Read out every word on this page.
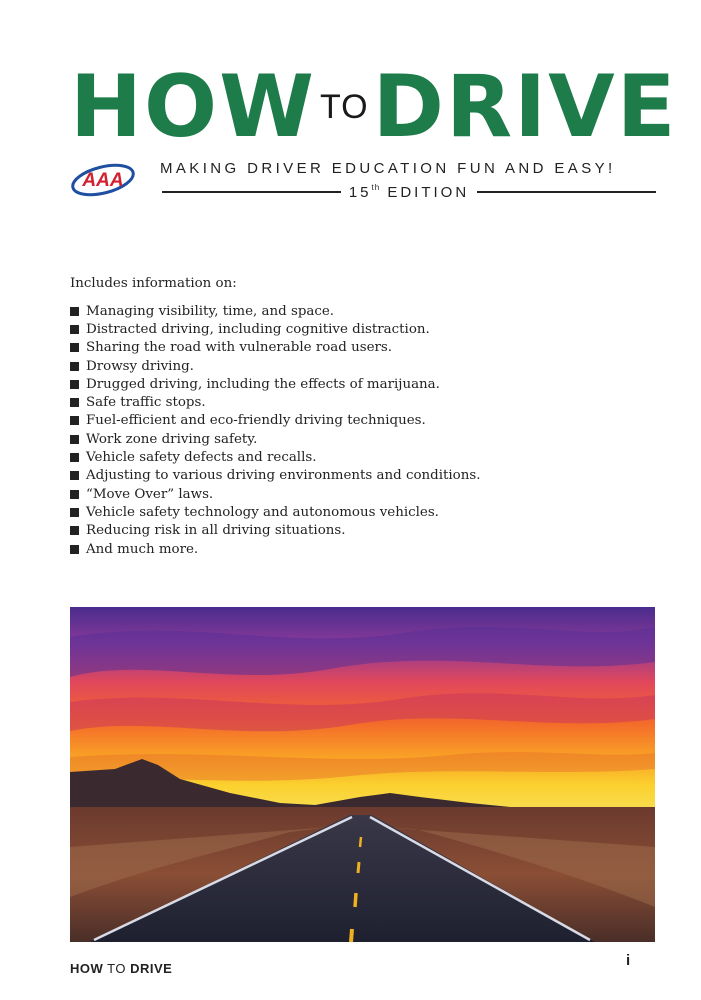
HOW TO DRIVE
AAA
MAKING DRIVER EDUCATION FUN AND EASY!
15th EDITION
Includes information on:
Managing visibility, time, and space.
Distracted driving, including cognitive distraction.
Sharing the road with vulnerable road users.
Drowsy driving.
Drugged driving, including the effects of marijuana.
Safe traffic stops.
Fuel-efficient and eco-friendly driving techniques.
Work zone driving safety.
Vehicle safety defects and recalls.
Adjusting to various driving environments and conditions.
“Move Over” laws.
Vehicle safety technology and autonomous vehicles.
Reducing risk in all driving situations.
And much more.
HOW TO DRIVE	i
